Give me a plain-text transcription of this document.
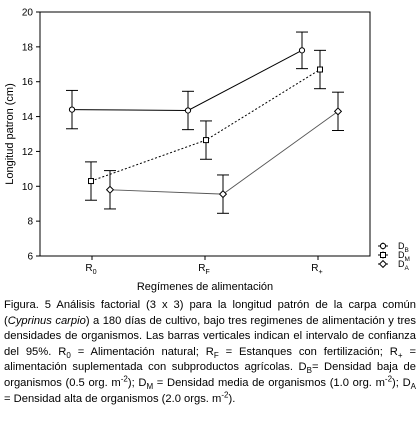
6
8
10
12
14
16
18
20
$R_0$	$R_F$	$R_+$
$D_B$
$D_M$
$D_A$
Longitud patron (cm)
Regímenes de alimentación
Figura. 5 Análisis factorial (3 x 3) para la longitud patrón de la carpa común (Cyprinus carpio) a 180 días de cultivo, bajo tres regimenes de alimentación y tres densidades de organismos. Las barras verticales indican el intervalo de confianza del 95%. $R_0$ = Alimentación natural; $R_F$ = Estanques con fertilización; $R_+$ = alimentación suplementada con subproductos agrícolas. $D_B=$ Densidad baja de organismos (0.5 org. $m^{-2}$); $D_M$ = Densidad media de organismos (1.0 org. $m^{-2}$); $D_A$ = Densidad alta de organismos (2.0 orgs. $m^{-2}$).
